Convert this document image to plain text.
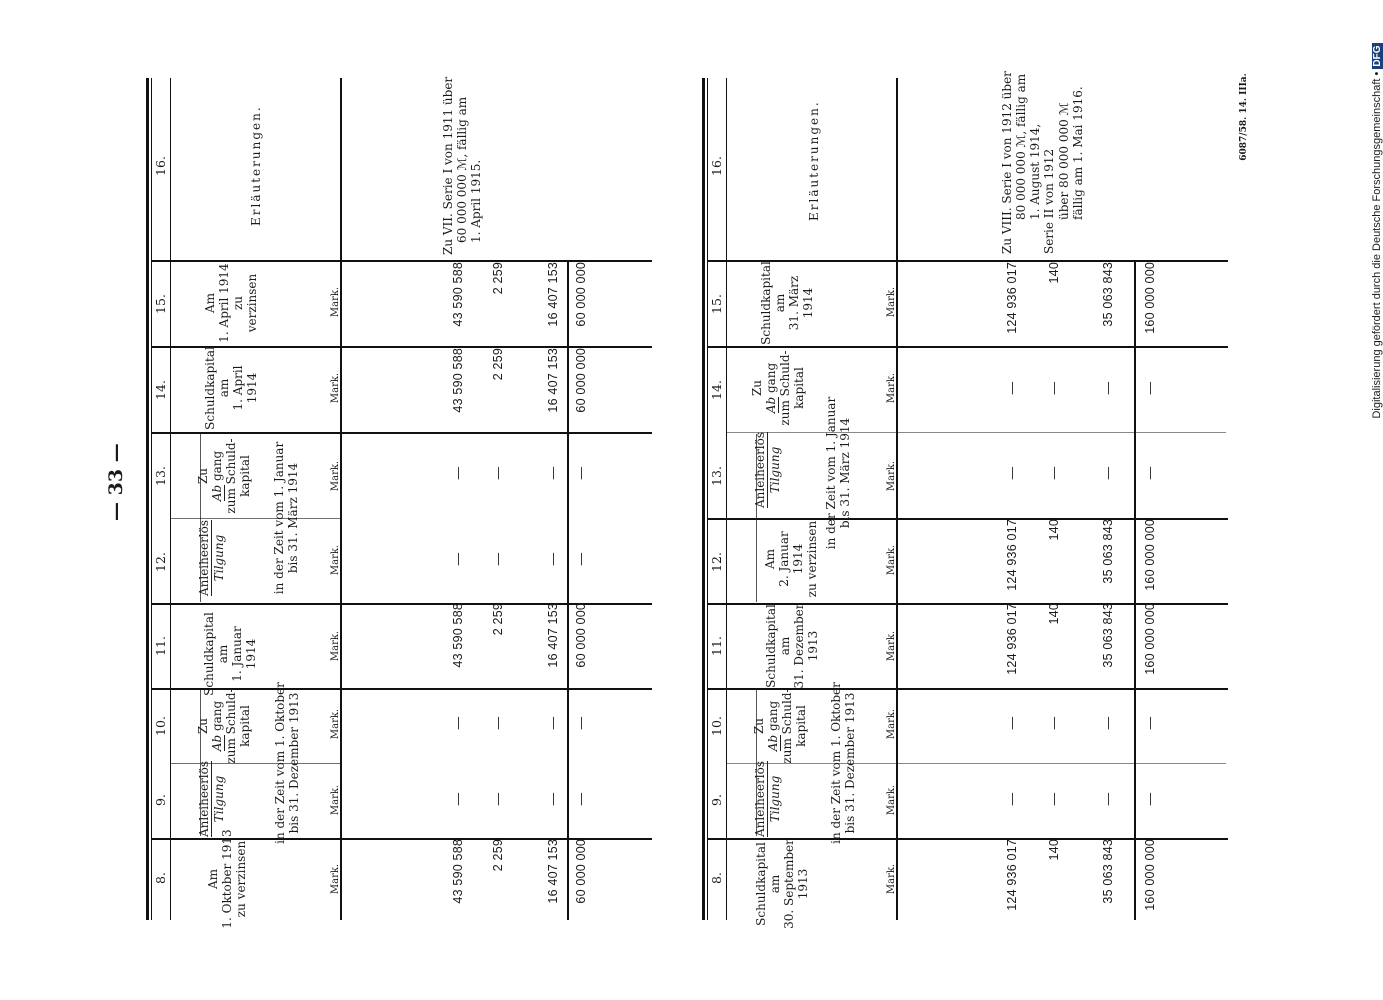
— 33 —
Digitalisierung gefördert durch die Deutsche Forschungsgemeinschaft • DFG
6087/58. 14. IIIa.
8.
9.
10.
11.
12.
13.
14.
15.
16.
8.
9.
10.
11.
12.
13.
14.
15.
16.
Am 1. Oktober 1913 zu verzinsen
Anleiheerlös Tilgung
Zu
Ab gang zum Schuld- kapital in der Zeit vom 1. Oktober bis 31. Dezember 1913
Schuldkapital am 1. Januar 1914
Anleiheerlös Tilgung
Zu
Ab gang zum Schuld- kapital in der Zeit vom 1. Januar bis 31. März 1914
Schuldkapital am 1. April 1914
Am 1. April 1914 zu verzinsen
Erläuterungen.
Mark.
Mark.
Mark.
Mark.
Mark.
Mark.
Mark.
Mark.
43 590 588
—
—
43 590 588
—
—
43 590 588
43 590 588
2 259
—
—
2 259
—
—
2 259
2 259
16 407 153
—
—
16 407 153
—
—
16 407 153
16 407 153
60 000 000
—
—
60 000 000
—
—
60 000 000
60 000 000
Zu VII. Serie I von 1911 über 60 000 000 ℳ, fällig am 1. April 1915.
Schuldkapital am 30. September 1913
Anleiheerlös Tilgung
Zu
Ab gang zum Schuld- kapital in der Zeit vom 1. Oktober bis 31. Dezember 1913
Schuldkapital am 31. Dezember 1913
Am 2. Januar 1914 zu verzinsen
Anleiheerlös Tilgung	in der Zeit vom 1. Januar bis 31. März 1914
Zu
Ab gang zum Schuld- kapital
Schuldkapital am 31. März 1914
Erläuterungen.
Mark.
Mark.
Mark.
Mark.
Mark.
Mark.
Mark.
Mark.
124 936 017
—
—
124 936 017
124 936 017
—
—
124 936 017
140
—
—
140
140
—
—
140
35 063 843
—
—
35 063 843
35 063 843
—
—
35 063 843
160 000 000
—
—
160 000 000
160 000 000
—
—
160 000 000
Zu VIII. Serie I von 1912 über 80 000 000 ℳ, fällig am 1. August 1914, Serie II von 1912 über 80 000 000 ℳ fällig am 1. Mai 1916.
